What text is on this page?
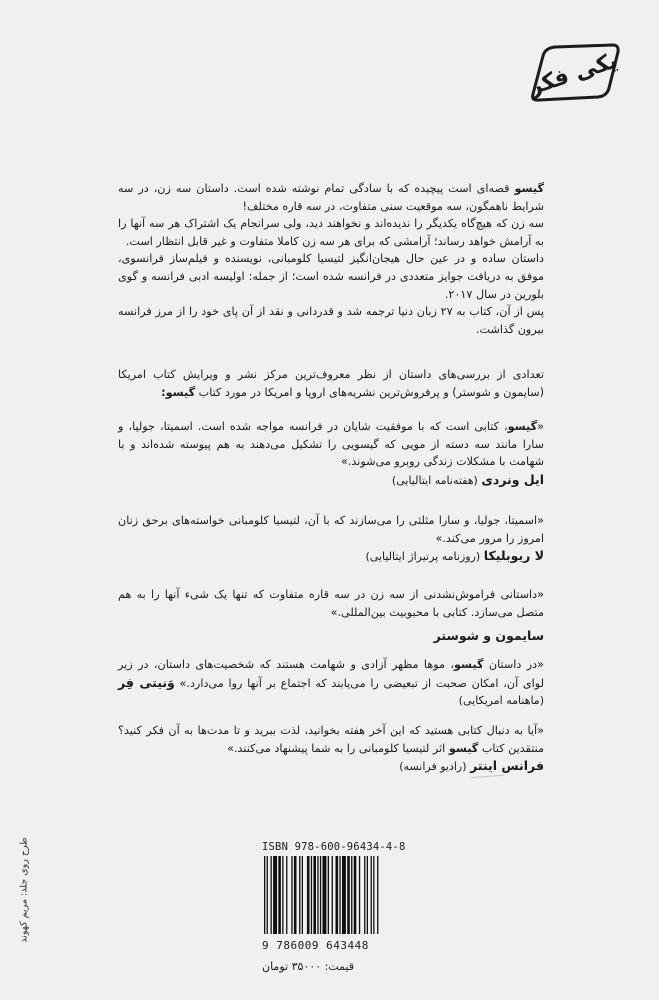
یکی فکر

گیسو قصه‌ای است پیچیده که با سادگی تمام نوشته شده است. داستان سه زن، در سه شرایط ناهمگون، سه موقعیت سنی متفاوت، در سه قاره مختلف!

سه زن که هیچ‌گاه یکدیگر را ندیده‌اند و نخواهند دید، ولی سرانجام یک اشتراک هر سه آنها را به آرامش خواهد رساند؛ آرامشی که برای هر سه زن کاملا متفاوت و غیر قابل انتظار است.

داستان ساده و در عین حال هیجان‌انگیز لتیسیا کلومبانی، نویسنده و فیلم‌ساز فرانسوی، موفق به دریافت جوایز متعددی در فرانسه شده است؛ از جمله: اولیسه ادبی فرانسه و گوی بلورین در سال ۲۰۱۷.

پس از آن، کتاب به ۲۷ زبان دنیا ترجمه شد و قدردانی و نقد از آن پای خود را از مرز فرانسه بیرون گذاشت.

تعدادی از بررسی‌های داستان از نظر معروف‌ترین مرکز نشر و ویرایش کتاب امریکا (سایمون و شوستر) و پرفروش‌ترین نشریه‌های اروپا و امریکا در مورد کتاب گیسو:

«گیسو، کتابی است که با موفقیت شایان در فرانسه مواجه شده است. اسمیتا، جولیا، و سارا مانند سه دسته از مویی که گیسویی را تشکیل می‌دهند به هم پیوسته شده‌اند و با شهامت با مشکلات زندگی روبرو می‌شوند.»

ایل ونردی (هفته‌نامه ایتالیایی)

«اسمیتا، جولیا، و سارا مثلثی را می‌سازند که با آن، لتیسیا کلومبانی خواسته‌های برحق زنان امروز را مرور می‌کند.»

لا ریوبلیکا (روزنامه پرتیراژ ایتالیایی)

«داستانی فراموش‌نشدنی از سه زن در سه قاره متفاوت که تنها یک شیء آنها را به هم متصل می‌سازد. کتابی با محبوبیت بین‌المللی.»

سایمون و شوستر

«در داستان گیسو، موها مظهر آزادی و شهامت هستند که شخصیت‌های داستان، در زیر لوای آن، امکان صحبت از تبعیضی را می‌یابند که اجتماع بر آنها روا می‌دارد.» وَنیتی فِر (ماهنامه امریکایی)

«آیا به دنبال کتابی هستید که این آخر هفته بخوانید، لذت ببرید و تا مدت‌ها به آن فکر کنید؟ منتقدین کتاب گیسو اثر لتیسیا کلومبانی را به شما پیشنهاد می‌کنند.»

فرانس اینتر (رادیو فرانسه)

ISBN 978-600-96434-4-8
9 786009 643448
قیمت: ۳۵۰۰۰ تومان
طرح روی جلد: مریم کهوند
